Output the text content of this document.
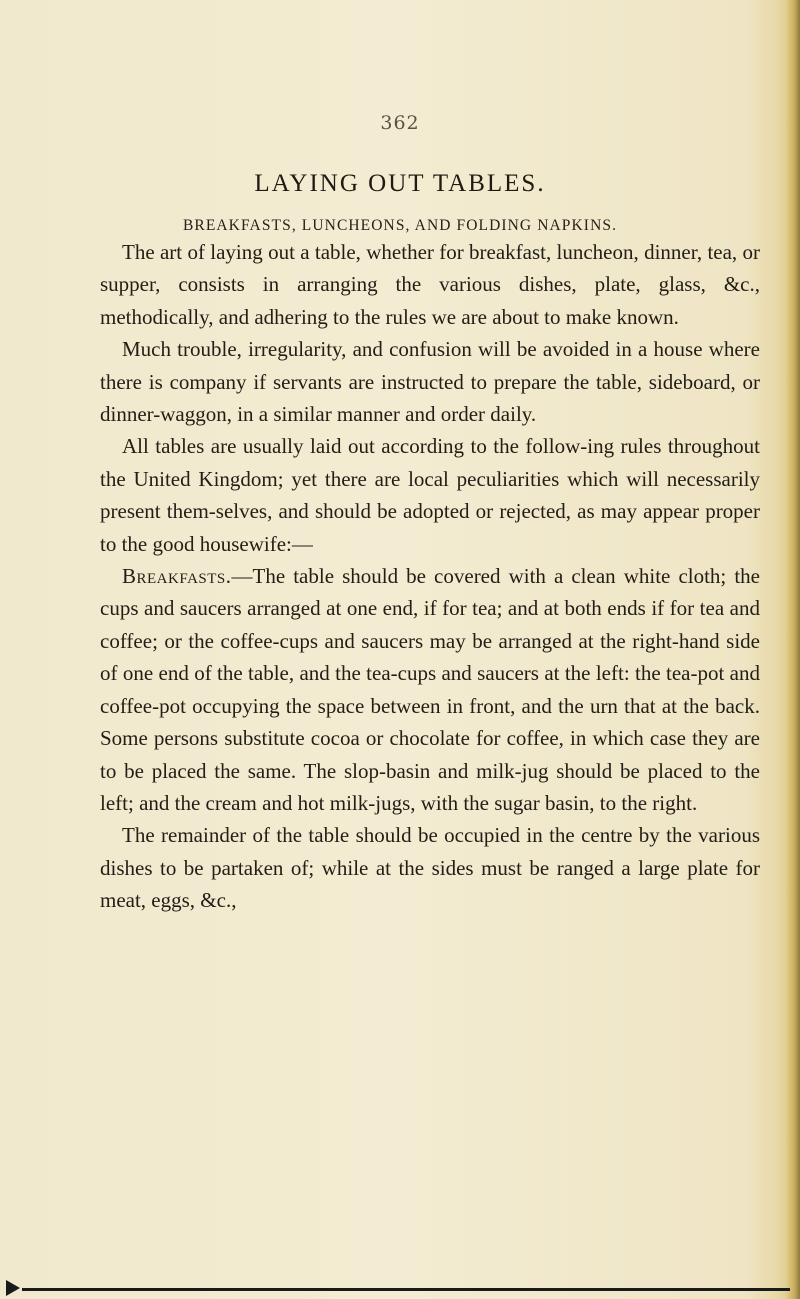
362
LAYING OUT TABLES.
BREAKFASTS, LUNCHEONS, AND FOLDING NAPKINS.

The art of laying out a table, whether for breakfast, luncheon, dinner, tea, or supper, consists in arranging the various dishes, plate, glass, &c., methodically, and adhering to the rules we are about to make known.

Much trouble, irregularity, and confusion will be avoided in a house where there is company if servants are instructed to prepare the table, sideboard, or dinner-waggon, in a similar manner and order daily.

All tables are usually laid out according to the follow-ing rules throughout the United Kingdom; yet there are local peculiarities which will necessarily present them-selves, and should be adopted or rejected, as may appear proper to the good housewife:—

Breakfasts.—The table should be covered with a clean white cloth; the cups and saucers arranged at one end, if for tea; and at both ends if for tea and coffee; or the coffee-cups and saucers may be arranged at the right-hand side of one end of the table, and the tea-cups and saucers at the left: the tea-pot and coffee-pot occupying the space between in front, and the urn that at the back. Some persons substitute cocoa or chocolate for coffee, in which case they are to be placed the same. The slop-basin and milk-jug should be placed to the left; and the cream and hot milk-jugs, with the sugar basin, to the right.

The remainder of the table should be occupied in the centre by the various dishes to be partaken of; while at the sides must be ranged a large plate for meat, eggs, &c.,
